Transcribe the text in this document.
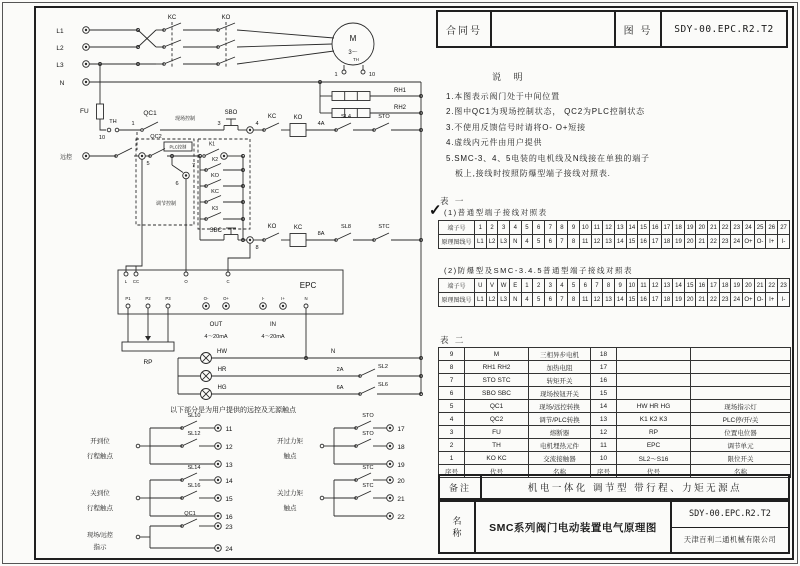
L1
L2
L3
N
KC	KO
M
3～
TH
1	10
RH1
RH2
FU
TH
10
1
QC1
现场控制
3
SBO
4
KC	KO
4A
SL4	STO
远控
5
QC2
PLC控制
6
K1
7
调节控制
K2
KO
KC
K3
SBC
8
KO	KC
8A
SL8	STC
EPC
L CC	O	C
P1	P2	P3	O-	O+	I-	I+	N
OUT
4～20mA
IN
4～20mA
RP
HW	N
HR	2A	SL2
HG	6A	SL6
以下部分是为用户提供的远控及无源触点
开到位
行程触点
SL10
11
SL12
12
13
关到位
行程触点
SL14
14
SL16
15
16
开过力矩
触点
STO
17
STO
18
19
关过力矩
触点
STC
20
STC
21
22
现场/远控
指示
QC1
23
24
合同号	图 号	SDY-00.EPC.R2.T2
说 明
1.本图表示阀门处于中间位置
2.图中QC1为现场控制状态， QC2为PLC控制状态
3.不使用反馈信号时请将O- O+短接
4.虚线内元件由用户提供
5.SMC-3、4、5电装的电机线及N线接在单独的端子
板上,接线时按照防爆型端子接线对照表.
表 一
✓ (1)普通型端子接线对照表
端子号	1	2	3	4	5	6	7	8	9	10	11	12	13	14	15	16	17	18	19	20	21	22	23	24	25	26	27
原理图线号	L1	L2	L3	N	4	5	6	7	8	11	12	13	14	15	16	17	18	19	20	21	22	23	24	O+	O-	I+	I-
(2)防爆型及SMC-3.4.5普通型端子接线对照表
端子号	U	V	W	E	1	2	3	4	5	6	7	8	9	10	11	12	13	14	15	16	17	18	19	20	21	22	23
原理图线号	L1	L2	L3	N	4	5	6	7	8	11	12	13	14	15	16	17	18	19	20	21	22	23	24	O+	O-	I+	I-
表 二
9	M	三相异步电机	18		
8	RH1 RH2	加热电阻	17		
7	STO STC	转矩开关	16		
6	SBO SBC	现场按钮开关	15		
5	QC1	现场/远控转换	14	HW HR HG	现场指示灯
4	QC2	调节/PLC转换	13	K1 K2 K3	PLC停/开/关
3	FU	熔断器	12	RP	位置电位器
2	TH	电机埋热元件	11	EPC	调节单元
1	KO KC	交流接触器	10	SL2～S16	限位开关
序号	代号	名称	序号	代号	名称
备注	机电一体化 调节型 带行程、力矩无源点
名
称	SMC系列阀门电动装置电气原理图
SDY-00.EPC.R2.T2
天津百利二通机械有限公司
